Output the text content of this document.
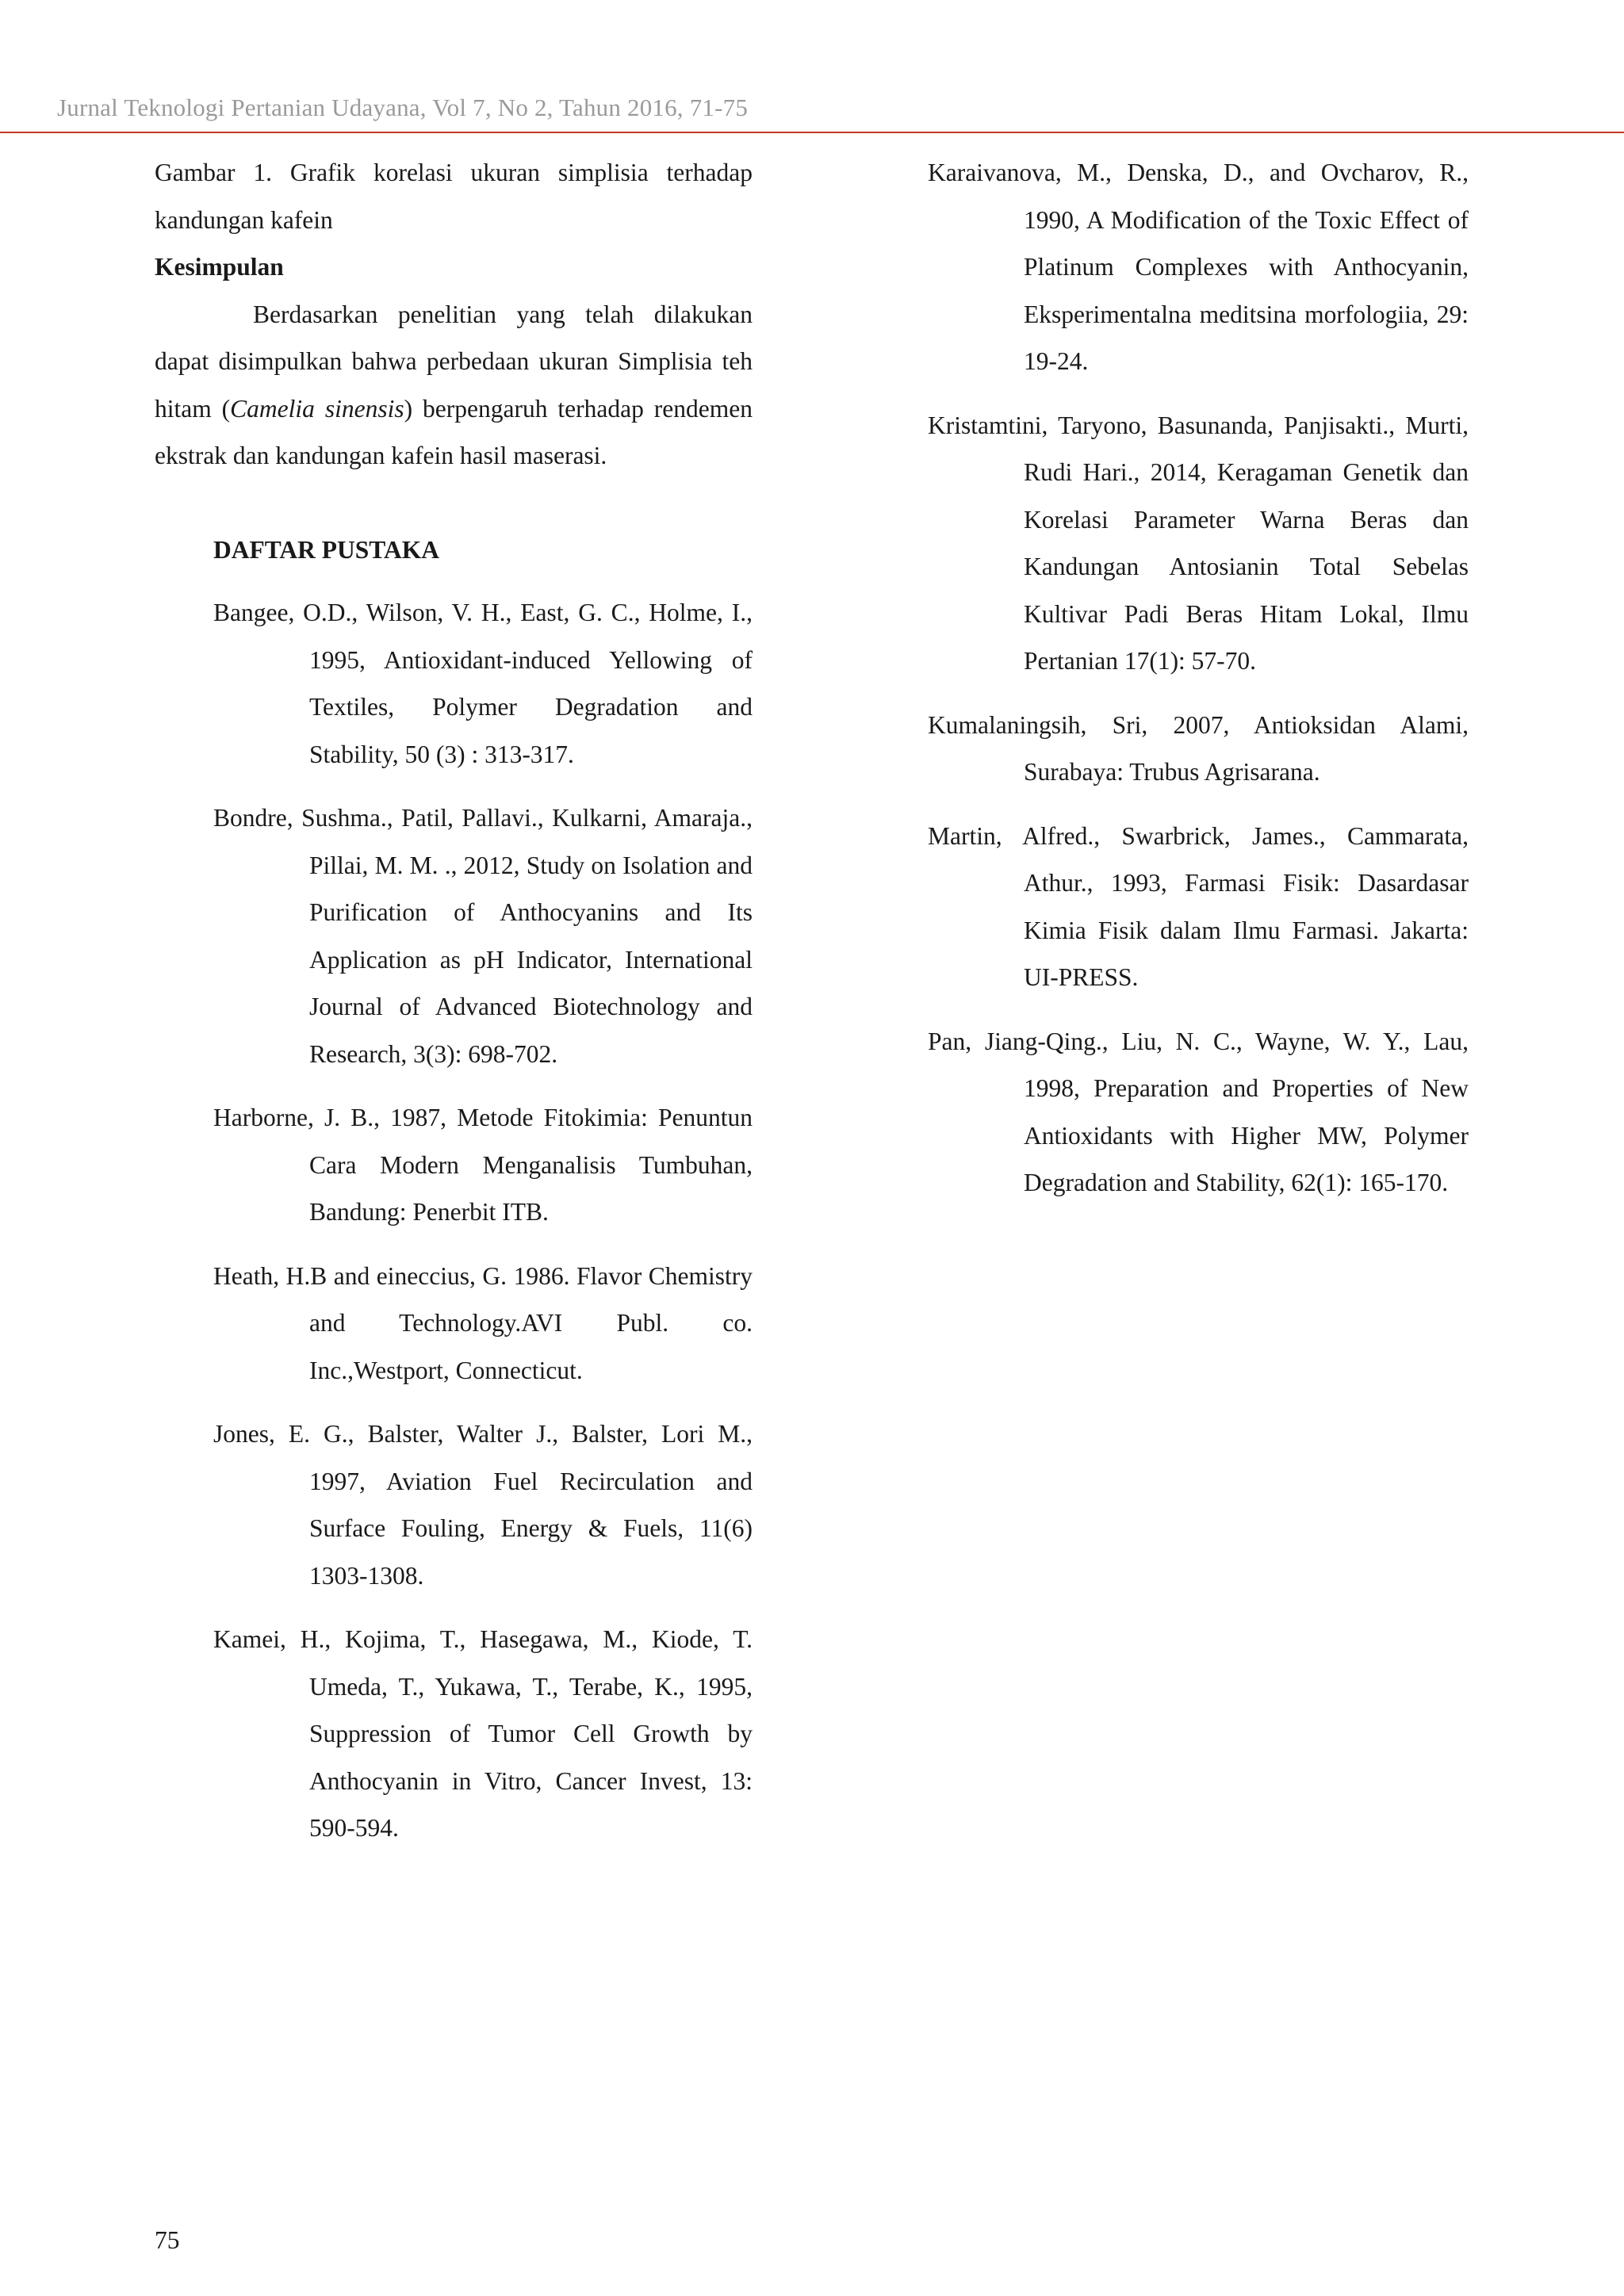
Jurnal Teknologi Pertanian Udayana, Vol 7, No 2, Tahun 2016, 71-75

Gambar 1. Grafik korelasi ukuran simplisia terhadap kandungan kafein

Kesimpulan

Berdasarkan penelitian yang telah dilakukan dapat disimpulkan bahwa perbedaan ukuran Simplisia teh hitam (Camelia sinensis) berpengaruh terhadap rendemen ekstrak dan kandungan kafein hasil maserasi.

DAFTAR PUSTAKA

Bangee, O.D., Wilson, V. H., East, G. C., Holme, I., 1995, Antioxidant-induced Yellowing of Textiles, Polymer Degradation and Stability, 50 (3) : 313-317.

Bondre, Sushma., Patil, Pallavi., Kulkarni, Amaraja., Pillai, M. M. ., 2012, Study on Isolation and Purification of Anthocyanins and Its Application as pH Indicator, International Journal of Advanced Biotechnology and Research, 3(3): 698-702.

Harborne, J. B., 1987, Metode Fitokimia: Penuntun Cara Modern Menganalisis Tumbuhan, Bandung: Penerbit ITB.

Heath, H.B and eineccius, G. 1986. Flavor Chemistry and Technology.AVI Publ. co. Inc.,Westport, Connecticut.

Jones, E. G., Balster, Walter J., Balster, Lori M., 1997, Aviation Fuel Recirculation and Surface Fouling, Energy & Fuels, 11(6) 1303-1308.

Kamei, H., Kojima, T., Hasegawa, M., Kiode, T. Umeda, T., Yukawa, T., Terabe, K., 1995, Suppression of Tumor Cell Growth by Anthocyanin in Vitro, Cancer Invest, 13: 590-594.

Karaivanova, M., Denska, D., and Ovcharov, R., 1990, A Modification of the Toxic Effect of Platinum Complexes with Anthocyanin, Eksperimentalna meditsina morfologiia, 29: 19-24.

Kristamtini, Taryono, Basunanda, Panjisakti., Murti, Rudi Hari., 2014, Keragaman Genetik dan Korelasi Parameter Warna Beras dan Kandungan Antosianin Total Sebelas Kultivar Padi Beras Hitam Lokal, Ilmu Pertanian 17(1): 57-70.

Kumalaningsih, Sri, 2007, Antioksidan Alami, Surabaya: Trubus Agrisarana.

Martin, Alfred., Swarbrick, James., Cammarata, Athur., 1993, Farmasi Fisik: Dasardasar Kimia Fisik dalam Ilmu Farmasi. Jakarta: UI-PRESS.

Pan, Jiang-Qing., Liu, N. C., Wayne, W. Y., Lau, 1998, Preparation and Properties of New Antioxidants with Higher MW, Polymer Degradation and Stability, 62(1): 165-170.

75
